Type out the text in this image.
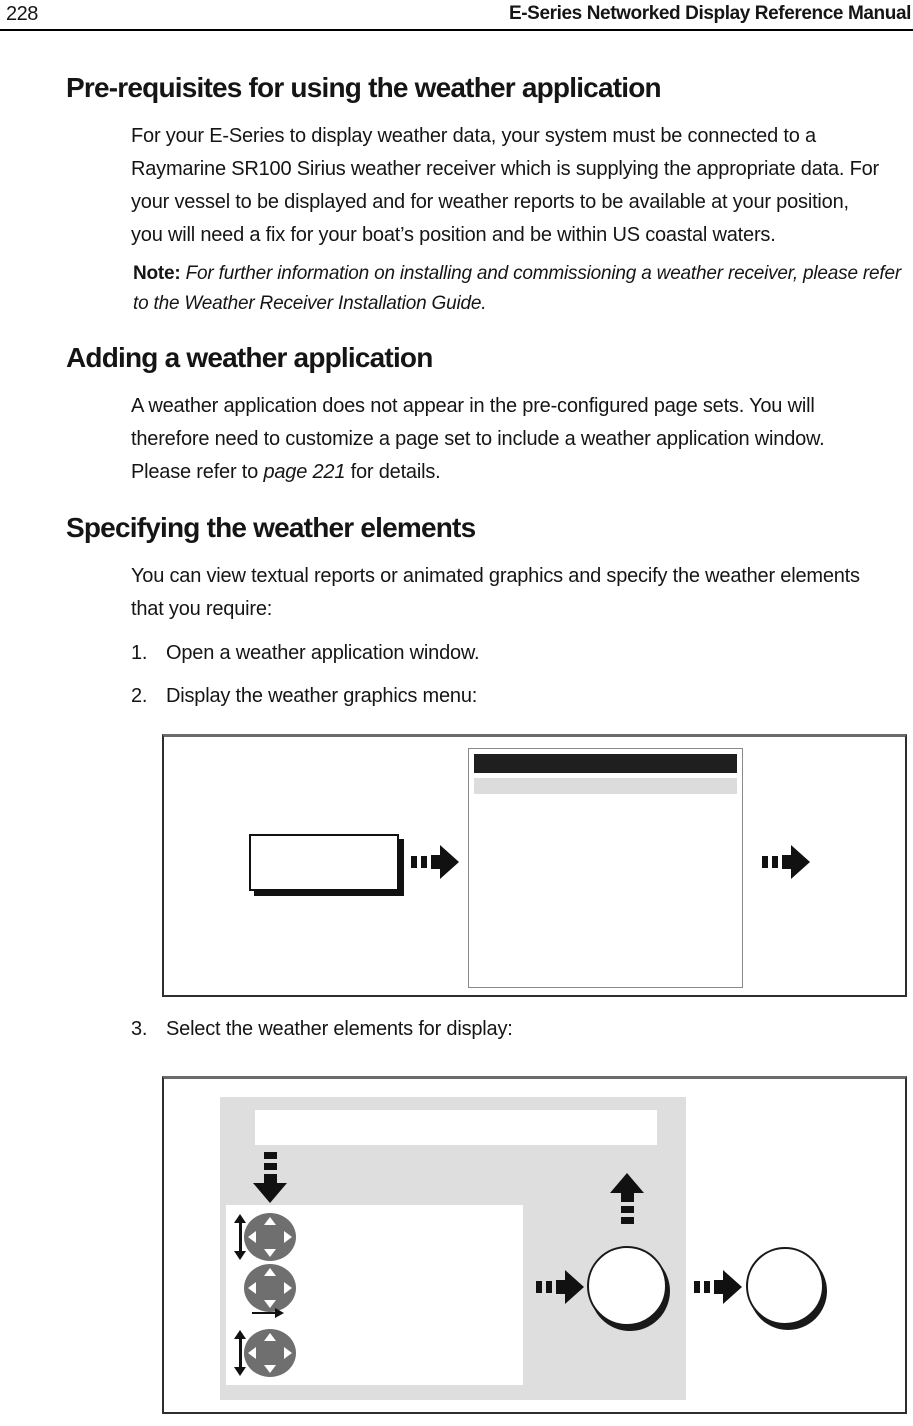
228	E-Series Networked Display Reference Manual
Pre-requisites for using the weather application
For your E-Series to display weather data, your system must be connected to a
Raymarine SR100 Sirius weather receiver which is supplying the appropriate data. For
your vessel to be displayed and for weather reports to be available at your position,
you will need a fix for your boat’s position and be within US coastal waters.
Note: For further information on installing and commissioning a weather receiver, please refer
to the Weather Receiver Installation Guide.
Adding a weather application
A weather application does not appear in the pre-configured page sets. You will
therefore need to customize a page set to include a weather application window.
Please refer to page 221 for details.
Specifying the weather elements
You can view textual reports or animated graphics and specify the weather elements
that you require:
1. Open a weather application window.
2. Display the weather graphics menu:
3. Select the weather elements for display:
